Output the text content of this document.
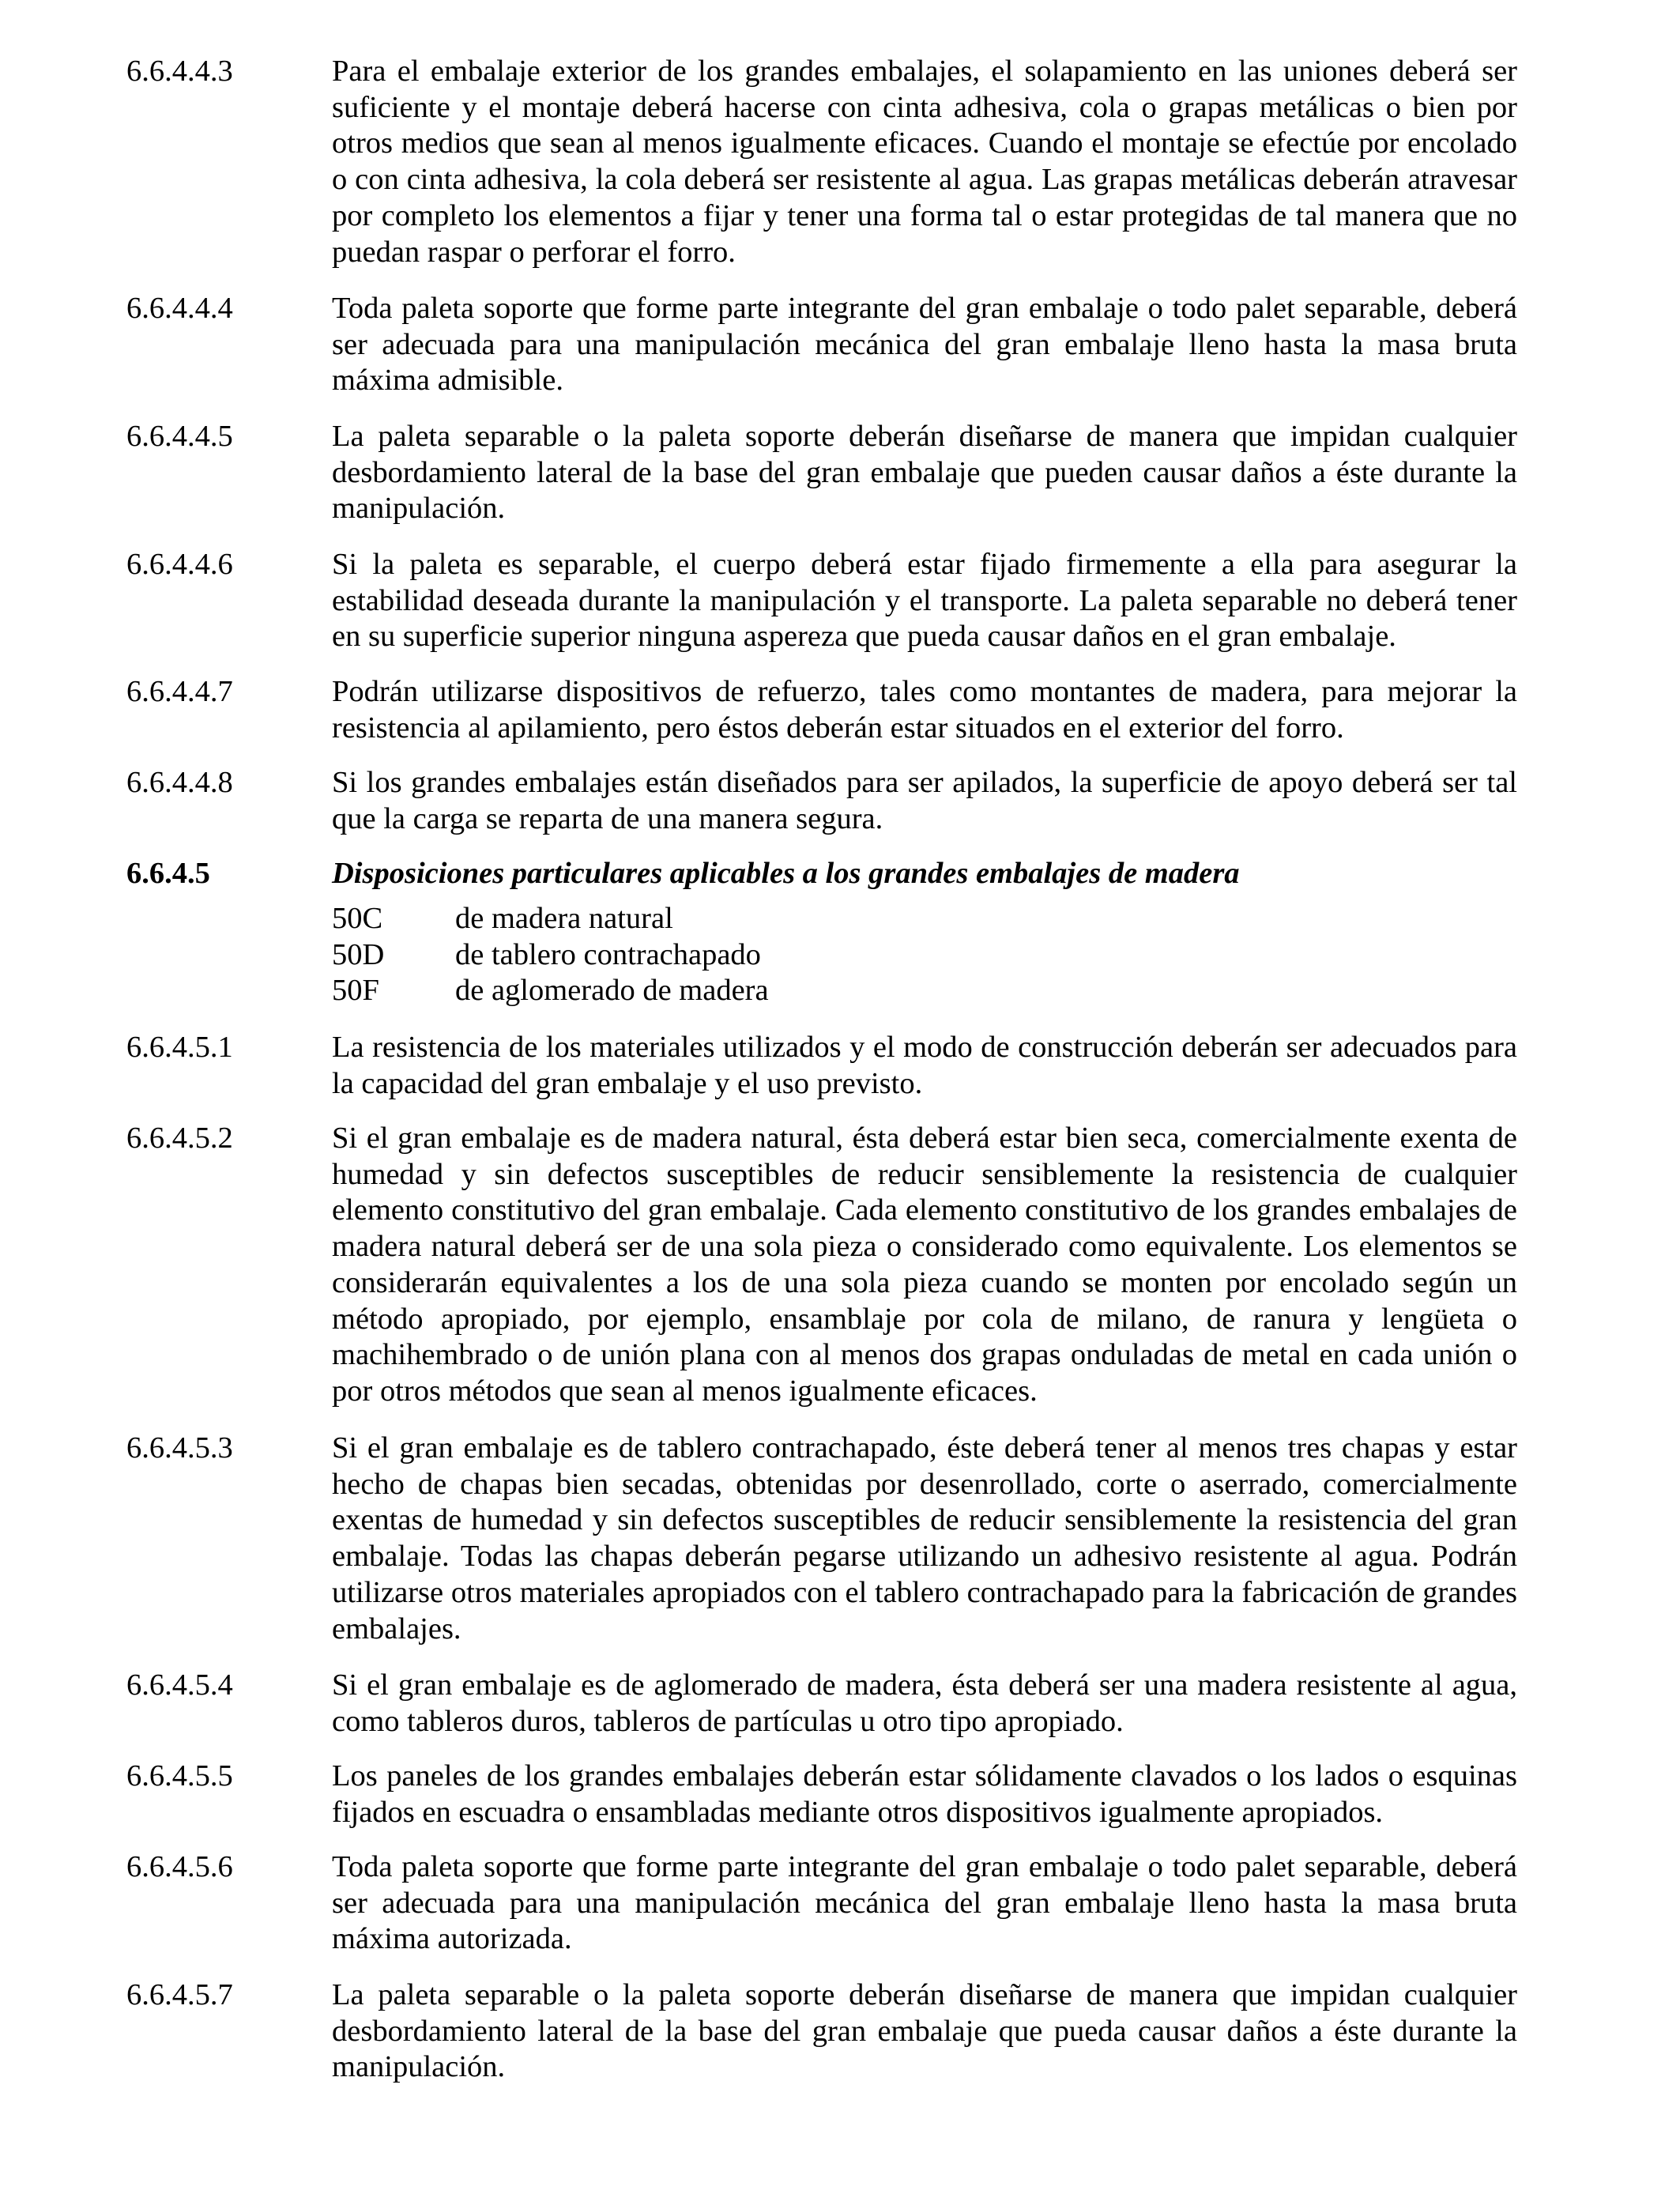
6.6.4.4.3	Para el embalaje exterior de los grandes embalajes, el solapamiento en las uniones deberá ser suficiente y el montaje deberá hacerse con cinta adhesiva, cola o grapas metálicas o bien por otros medios que sean al menos igualmente eficaces. Cuando el montaje se efectúe por encolado o con cinta adhesiva, la cola deberá ser resistente al agua. Las grapas metálicas deberán atravesar por completo los elementos a fijar y tener una forma tal o estar protegidas de tal manera que no puedan raspar o perforar el forro.
6.6.4.4.4	Toda paleta soporte que forme parte integrante del gran embalaje o todo palet separable, deberá ser adecuada para una manipulación mecánica del gran embalaje lleno hasta la masa bruta máxima admisible.
6.6.4.4.5	La paleta separable o la paleta soporte deberán diseñarse de manera que impidan cualquier desbordamiento lateral de la base del gran embalaje que pueden causar daños a éste durante la manipulación.
6.6.4.4.6	Si la paleta es separable, el cuerpo deberá estar fijado firmemente a ella para asegurar la estabilidad deseada durante la manipulación y el transporte. La paleta separable no deberá tener en su superficie superior ninguna aspereza que pueda causar daños en el gran embalaje.
6.6.4.4.7	Podrán utilizarse dispositivos de refuerzo, tales como montantes de madera, para mejorar la resistencia al apilamiento, pero éstos deberán estar situados en el exterior del forro.
6.6.4.4.8	Si los grandes embalajes están diseñados para ser apilados, la superficie de apoyo deberá ser tal que la carga se reparta de una manera segura.
6.6.4.5	Disposiciones particulares aplicables a los grandes embalajes de madera
50C	de madera natural
50D	de tablero contrachapado
50F	de aglomerado de madera
6.6.4.5.1	La resistencia de los materiales utilizados y el modo de construcción deberán ser adecuados para la capacidad del gran embalaje y el uso previsto.
6.6.4.5.2	Si el gran embalaje es de madera natural, ésta deberá estar bien seca, comercialmente exenta de humedad y sin defectos susceptibles de reducir sensiblemente la resistencia de cualquier elemento constitutivo del gran embalaje. Cada elemento constitutivo de los grandes embalajes de madera natural deberá ser de una sola pieza o considerado como equivalente. Los elementos se considerarán equivalentes a los de una sola pieza cuando se monten por encolado según un método apropiado, por ejemplo, ensamblaje por cola de milano, de ranura y lengüeta o machihembrado o de unión plana con al menos dos grapas onduladas de metal en cada unión o por otros métodos que sean al menos igualmente eficaces.
6.6.4.5.3	Si el gran embalaje es de tablero contrachapado, éste deberá tener al menos tres chapas y estar hecho de chapas bien secadas, obtenidas por desenrollado, corte o aserrado, comercialmente exentas de humedad y sin defectos susceptibles de reducir sensiblemente la resistencia del gran embalaje. Todas las chapas deberán pegarse utilizando un adhesivo resistente al agua. Podrán utilizarse otros materiales apropiados con el tablero contrachapado para la fabricación de grandes embalajes.
6.6.4.5.4	Si el gran embalaje es de aglomerado de madera, ésta deberá ser una madera resistente al agua, como tableros duros, tableros de partículas u otro tipo apropiado.
6.6.4.5.5	Los paneles de los grandes embalajes deberán estar sólidamente clavados o los lados o esquinas fijados en escuadra o ensambladas mediante otros dispositivos igualmente apropiados.
6.6.4.5.6	Toda paleta soporte que forme parte integrante del gran embalaje o todo palet separable, deberá ser adecuada para una manipulación mecánica del gran embalaje lleno hasta la masa bruta máxima autorizada.
6.6.4.5.7	La paleta separable o la paleta soporte deberán diseñarse de manera que impidan cualquier desbordamiento lateral de la base del gran embalaje que pueda causar daños a éste durante la manipulación.
